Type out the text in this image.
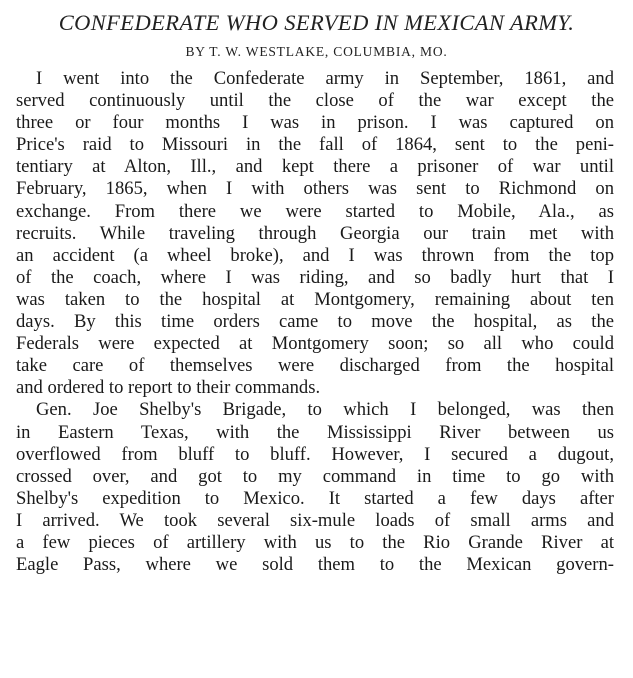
CONFEDERATE WHO SERVED IN MEXICAN ARMY.
BY T. W. WESTLAKE, COLUMBIA, MO.
I went into the Confederate army in September, 1861, and
served continuously until the close of the war except the
three or four months I was in prison. I was captured on
Price's raid to Missouri in the fall of 1864, sent to the peni-
tentiary at Alton, Ill., and kept there a prisoner of war until
February, 1865, when I with others was sent to Richmond on
exchange. From there we were started to Mobile, Ala., as
recruits. While traveling through Georgia our train met with
an accident (a wheel broke), and I was thrown from the top
of the coach, where I was riding, and so badly hurt that I
was taken to the hospital at Montgomery, remaining about ten
days. By this time orders came to move the hospital, as the
Federals were expected at Montgomery soon; so all who could
take care of themselves were discharged from the hospital
and ordered to report to their commands.
Gen. Joe Shelby's Brigade, to which I belonged, was then
in Eastern Texas, with the Mississippi River between us
overflowed from bluff to bluff. However, I secured a dugout,
crossed over, and got to my command in time to go with
Shelby's expedition to Mexico. It started a few days after
I arrived. We took several six-mule loads of small arms and
a few pieces of artillery with us to the Rio Grande River at
Eagle Pass, where we sold them to the Mexican govern-
